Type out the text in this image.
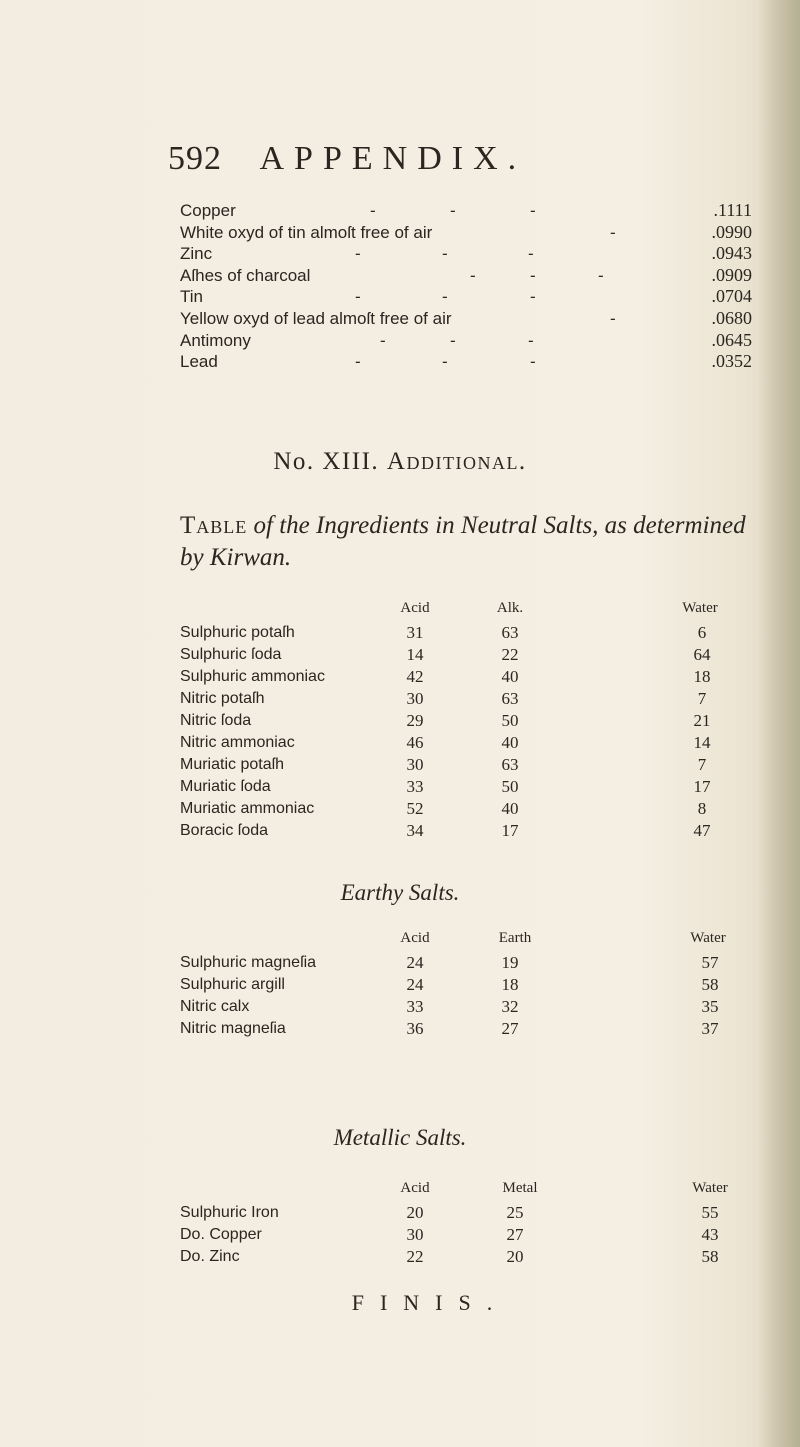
592 APPENDIX.
Copper	-	-	-	.1111
White oxyd of tin almoſt free of air	-	.0990
Zinc	-	-	-	.0943
Aſhes of charcoal	-	-	-	.0909
Tin	-	-	-	.0704
Yellow oxyd of lead almoſt free of air	-	.0680
Antimony	-	-	-	.0645
Lead	-	-	-	.0352
No. XIII. Additional.
Table of the Ingredients in Neutral Salts, as determined by Kirwan.
Acid	Alk.	Water
Sulphuric potaſh	31	63	6
Sulphuric ſoda	14	22	64
Sulphuric ammoniac	42	40	18
Nitric potaſh	30	63	7
Nitric ſoda	29	50	21
Nitric ammoniac	46	40	14
Muriatic potaſh	30	63	7
Muriatic ſoda	33	50	17
Muriatic ammoniac	52	40	8
Boracic ſoda	34	17	47
Earthy Salts.
Acid	Earth	Water
Sulphuric magneſia	24	19	57
Sulphuric argill	24	18	58
Nitric calx	33	32	35
Nitric magneſia	36	27	37
Metallic Salts.
Acid	Metal	Water
Sulphuric Iron	20	25	55
Do. Copper	30	27	43
Do. Zinc	22	20	58
FINIS.
